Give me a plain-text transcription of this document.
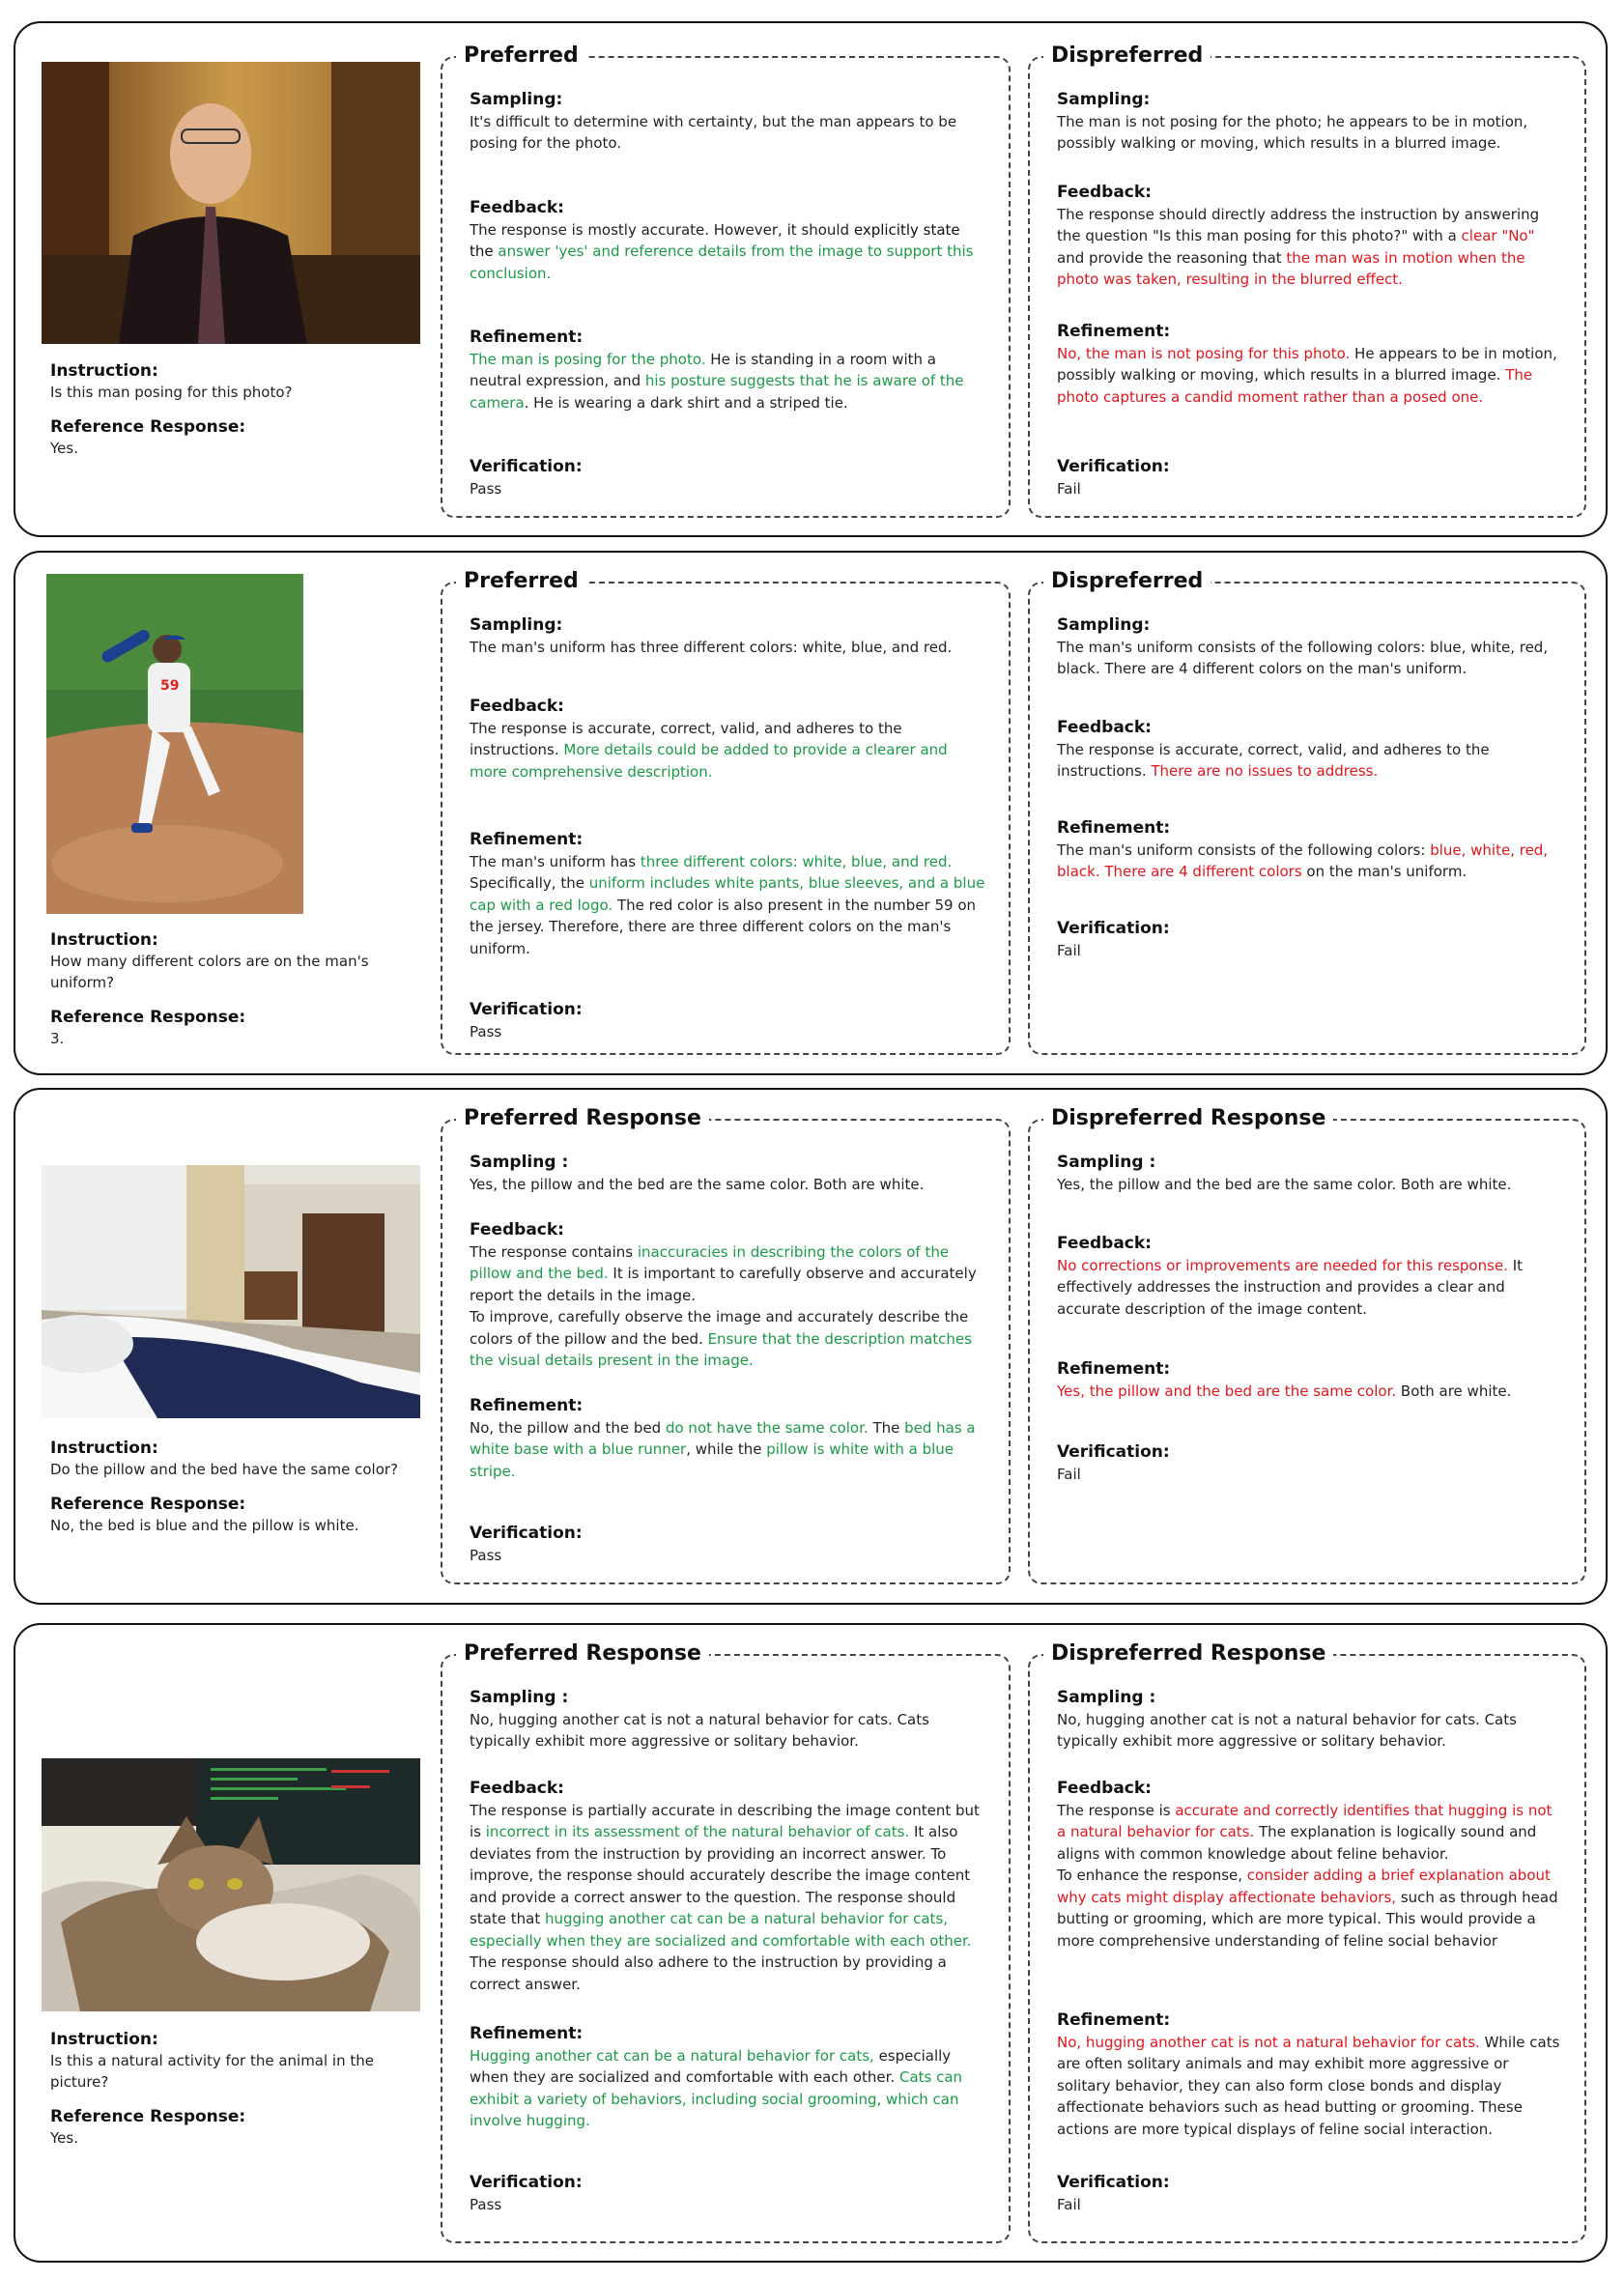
Instruction:
Is this man posing for this photo?
Reference Response:
Yes.
Preferred
Sampling:
It's difficult to determine with certainty, but the man appears to be posing for the photo.
Feedback:
The response is mostly accurate. However, it should explicitly state the answer 'yes' and reference details from the image to support this conclusion.
Refinement:
The man is posing for the photo. He is standing in a room with a neutral expression, and his posture suggests that he is aware of the camera. He is wearing a dark shirt and a striped tie.
Verification:
Pass
Dispreferred
Sampling:
The man is not posing for the photo; he appears to be in motion, possibly walking or moving, which results in a blurred image.
Feedback:
The response should directly address the instruction by answering the question "Is this man posing for this photo?" with a clear "No" and provide the reasoning that the man was in motion when the photo was taken, resulting in the blurred effect.
Refinement:
No, the man is not posing for this photo. He appears to be in motion, possibly walking or moving, which results in a blurred image. The photo captures a candid moment rather than a posed one.
Verification:
Fail
59
Instruction:
How many different colors are on the man's uniform?
Reference Response:
3.
Preferred
Sampling:
The man's uniform has three different colors: white, blue, and red.
Feedback:
The response is accurate, correct, valid, and adheres to the instructions. More details could be added to provide a clearer and more comprehensive description.
Refinement:
The man's uniform has three different colors: white, blue, and red. Specifically, the uniform includes white pants, blue sleeves, and a blue cap with a red logo. The red color is also present in the number 59 on the jersey. Therefore, there are three different colors on the man's uniform.
Verification:
Pass
Dispreferred
Sampling:
The man's uniform consists of the following colors: blue, white, red, black. There are 4 different colors on the man's uniform.
Feedback:
The response is accurate, correct, valid, and adheres to the instructions. There are no issues to address.
Refinement:
The man's uniform consists of the following colors: blue, white, red, black. There are 4 different colors on the man's uniform.
Verification:
Fail
Instruction:
Do the pillow and the bed have the same color?
Reference Response:
No, the bed is blue and the pillow is white.
Preferred Response
Sampling :
Yes, the pillow and the bed are the same color. Both are white.
Feedback:
The response contains inaccuracies in describing the colors of the pillow and the bed. It is important to carefully observe and accurately report the details in the image.
To improve, carefully observe the image and accurately describe the colors of the pillow and the bed. Ensure that the description matches the visual details present in the image.
Refinement:
No, the pillow and the bed do not have the same color. The bed has a white base with a blue runner, while the pillow is white with a blue stripe.
Verification:
Pass
Dispreferred Response
Sampling :
Yes, the pillow and the bed are the same color. Both are white.
Feedback:
No corrections or improvements are needed for this response. It effectively addresses the instruction and provides a clear and accurate description of the image content.
Refinement:
Yes, the pillow and the bed are the same color. Both are white.
Verification:
Fail
Instruction:
Is this a natural activity for the animal in the picture?
Reference Response:
Yes.
Preferred Response
Sampling :
No, hugging another cat is not a natural behavior for cats. Cats typically exhibit more aggressive or solitary behavior.
Feedback:
The response is partially accurate in describing the image content but is incorrect in its assessment of the natural behavior of cats. It also deviates from the instruction by providing an incorrect answer. To improve, the response should accurately describe the image content and provide a correct answer to the question. The response should state that hugging another cat can be a natural behavior for cats, especially when they are socialized and comfortable with each other. The response should also adhere to the instruction by providing a correct answer.
Refinement:
Hugging another cat can be a natural behavior for cats, especially when they are socialized and comfortable with each other. Cats can exhibit a variety of behaviors, including social grooming, which can involve hugging.
Verification:
Pass
Dispreferred Response
Sampling :
No, hugging another cat is not a natural behavior for cats. Cats typically exhibit more aggressive or solitary behavior.
Feedback:
The response is accurate and correctly identifies that hugging is not a natural behavior for cats. The explanation is logically sound and aligns with common knowledge about feline behavior.
To enhance the response, consider adding a brief explanation about why cats might display affectionate behaviors, such as through head butting or grooming, which are more typical. This would provide a more comprehensive understanding of feline social behavior
Refinement:
No, hugging another cat is not a natural behavior for cats. While cats are often solitary animals and may exhibit more aggressive or solitary behavior, they can also form close bonds and display affectionate behaviors such as head butting or grooming. These actions are more typical displays of feline social interaction.
Verification:
Fail
